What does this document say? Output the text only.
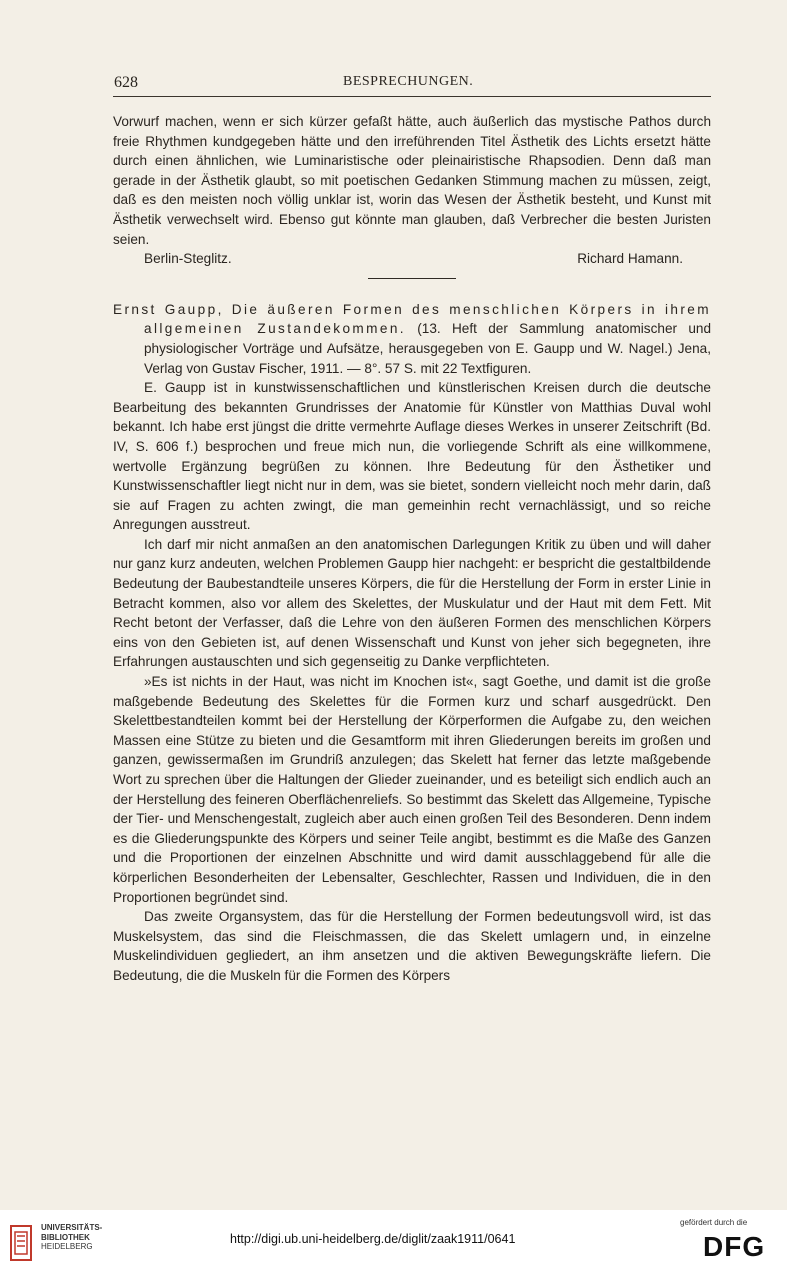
628	BESPRECHUNGEN.

Vorwurf machen, wenn er sich kürzer gefaßt hätte, auch äußerlich das mystische Pathos durch freie Rhythmen kundgegeben hätte und den irreführenden Titel Ästhetik des Lichts ersetzt hätte durch einen ähnlichen, wie Luminaristische oder pleinairistische Rhapsodien. Denn daß man gerade in der Ästhetik glaubt, so mit poetischen Gedanken Stimmung machen zu müssen, zeigt, daß es den meisten noch völlig unklar ist, worin das Wesen der Ästhetik besteht, und Kunst mit Ästhetik verwechselt wird. Ebenso gut könnte man glauben, daß Verbrecher die besten Juristen seien.

Berlin-Steglitz.	Richard Hamann.

Ernst Gaupp, Die äußeren Formen des menschlichen Körpers in ihrem allgemeinen Zustandekommen. (13. Heft der Sammlung anatomischer und physiologischer Vorträge und Aufsätze, herausgegeben von E. Gaupp und W. Nagel.) Jena, Verlag von Gustav Fischer, 1911. — 8°. 57 S. mit 22 Textfiguren.

E. Gaupp ist in kunstwissenschaftlichen und künstlerischen Kreisen durch die deutsche Bearbeitung des bekannten Grundrisses der Anatomie für Künstler von Matthias Duval wohl bekannt. Ich habe erst jüngst die dritte vermehrte Auflage dieses Werkes in unserer Zeitschrift (Bd. IV, S. 606 f.) besprochen und freue mich nun, die vorliegende Schrift als eine willkommene, wertvolle Ergänzung begrüßen zu können. Ihre Bedeutung für den Ästhetiker und Kunstwissenschaftler liegt nicht nur in dem, was sie bietet, sondern vielleicht noch mehr darin, daß sie auf Fragen zu achten zwingt, die man gemeinhin recht vernachlässigt, und so reiche Anregungen ausstreut.

Ich darf mir nicht anmaßen an den anatomischen Darlegungen Kritik zu üben und will daher nur ganz kurz andeuten, welchen Problemen Gaupp hier nachgeht: er bespricht die gestaltbildende Bedeutung der Baubestandteile unseres Körpers, die für die Herstellung der Form in erster Linie in Betracht kommen, also vor allem des Skelettes, der Muskulatur und der Haut mit dem Fett. Mit Recht betont der Verfasser, daß die Lehre von den äußeren Formen des menschlichen Körpers eins von den Gebieten ist, auf denen Wissenschaft und Kunst von jeher sich begegneten, ihre Erfahrungen austauschten und sich gegenseitig zu Danke verpflichteten.

»Es ist nichts in der Haut, was nicht im Knochen ist«, sagt Goethe, und damit ist die große maßgebende Bedeutung des Skelettes für die Formen kurz und scharf ausgedrückt. Den Skelettbestandteilen kommt bei der Herstellung der Körperformen die Aufgabe zu, den weichen Massen eine Stütze zu bieten und die Gesamtform mit ihren Gliederungen bereits im großen und ganzen, gewissermaßen im Grundriß anzulegen; das Skelett hat ferner das letzte maßgebende Wort zu sprechen über die Haltungen der Glieder zueinander, und es beteiligt sich endlich auch an der Herstellung des feineren Oberflächenreliefs. So bestimmt das Skelett das Allgemeine, Typische der Tier- und Menschengestalt, zugleich aber auch einen großen Teil des Besonderen. Denn indem es die Gliederungspunkte des Körpers und seiner Teile angibt, bestimmt es die Maße des Ganzen und die Proportionen der einzelnen Abschnitte und wird damit ausschlaggebend für alle die körperlichen Besonderheiten der Lebensalter, Geschlechter, Rassen und Individuen, die in den Proportionen begründet sind.

Das zweite Organsystem, das für die Herstellung der Formen bedeutungsvoll wird, ist das Muskelsystem, das sind die Fleischmassen, die das Skelett umlagern und, in einzelne Muskelindividuen gegliedert, an ihm ansetzen und die aktiven Bewegungskräfte liefern. Die Bedeutung, die die Muskeln für die Formen des Körpers

UNIVERSITÄTS-
BIBLIOTHEK
HEIDELBERG
http://digi.ub.uni-heidelberg.de/diglit/zaak1911/0641
gefördert durch die
DFG
